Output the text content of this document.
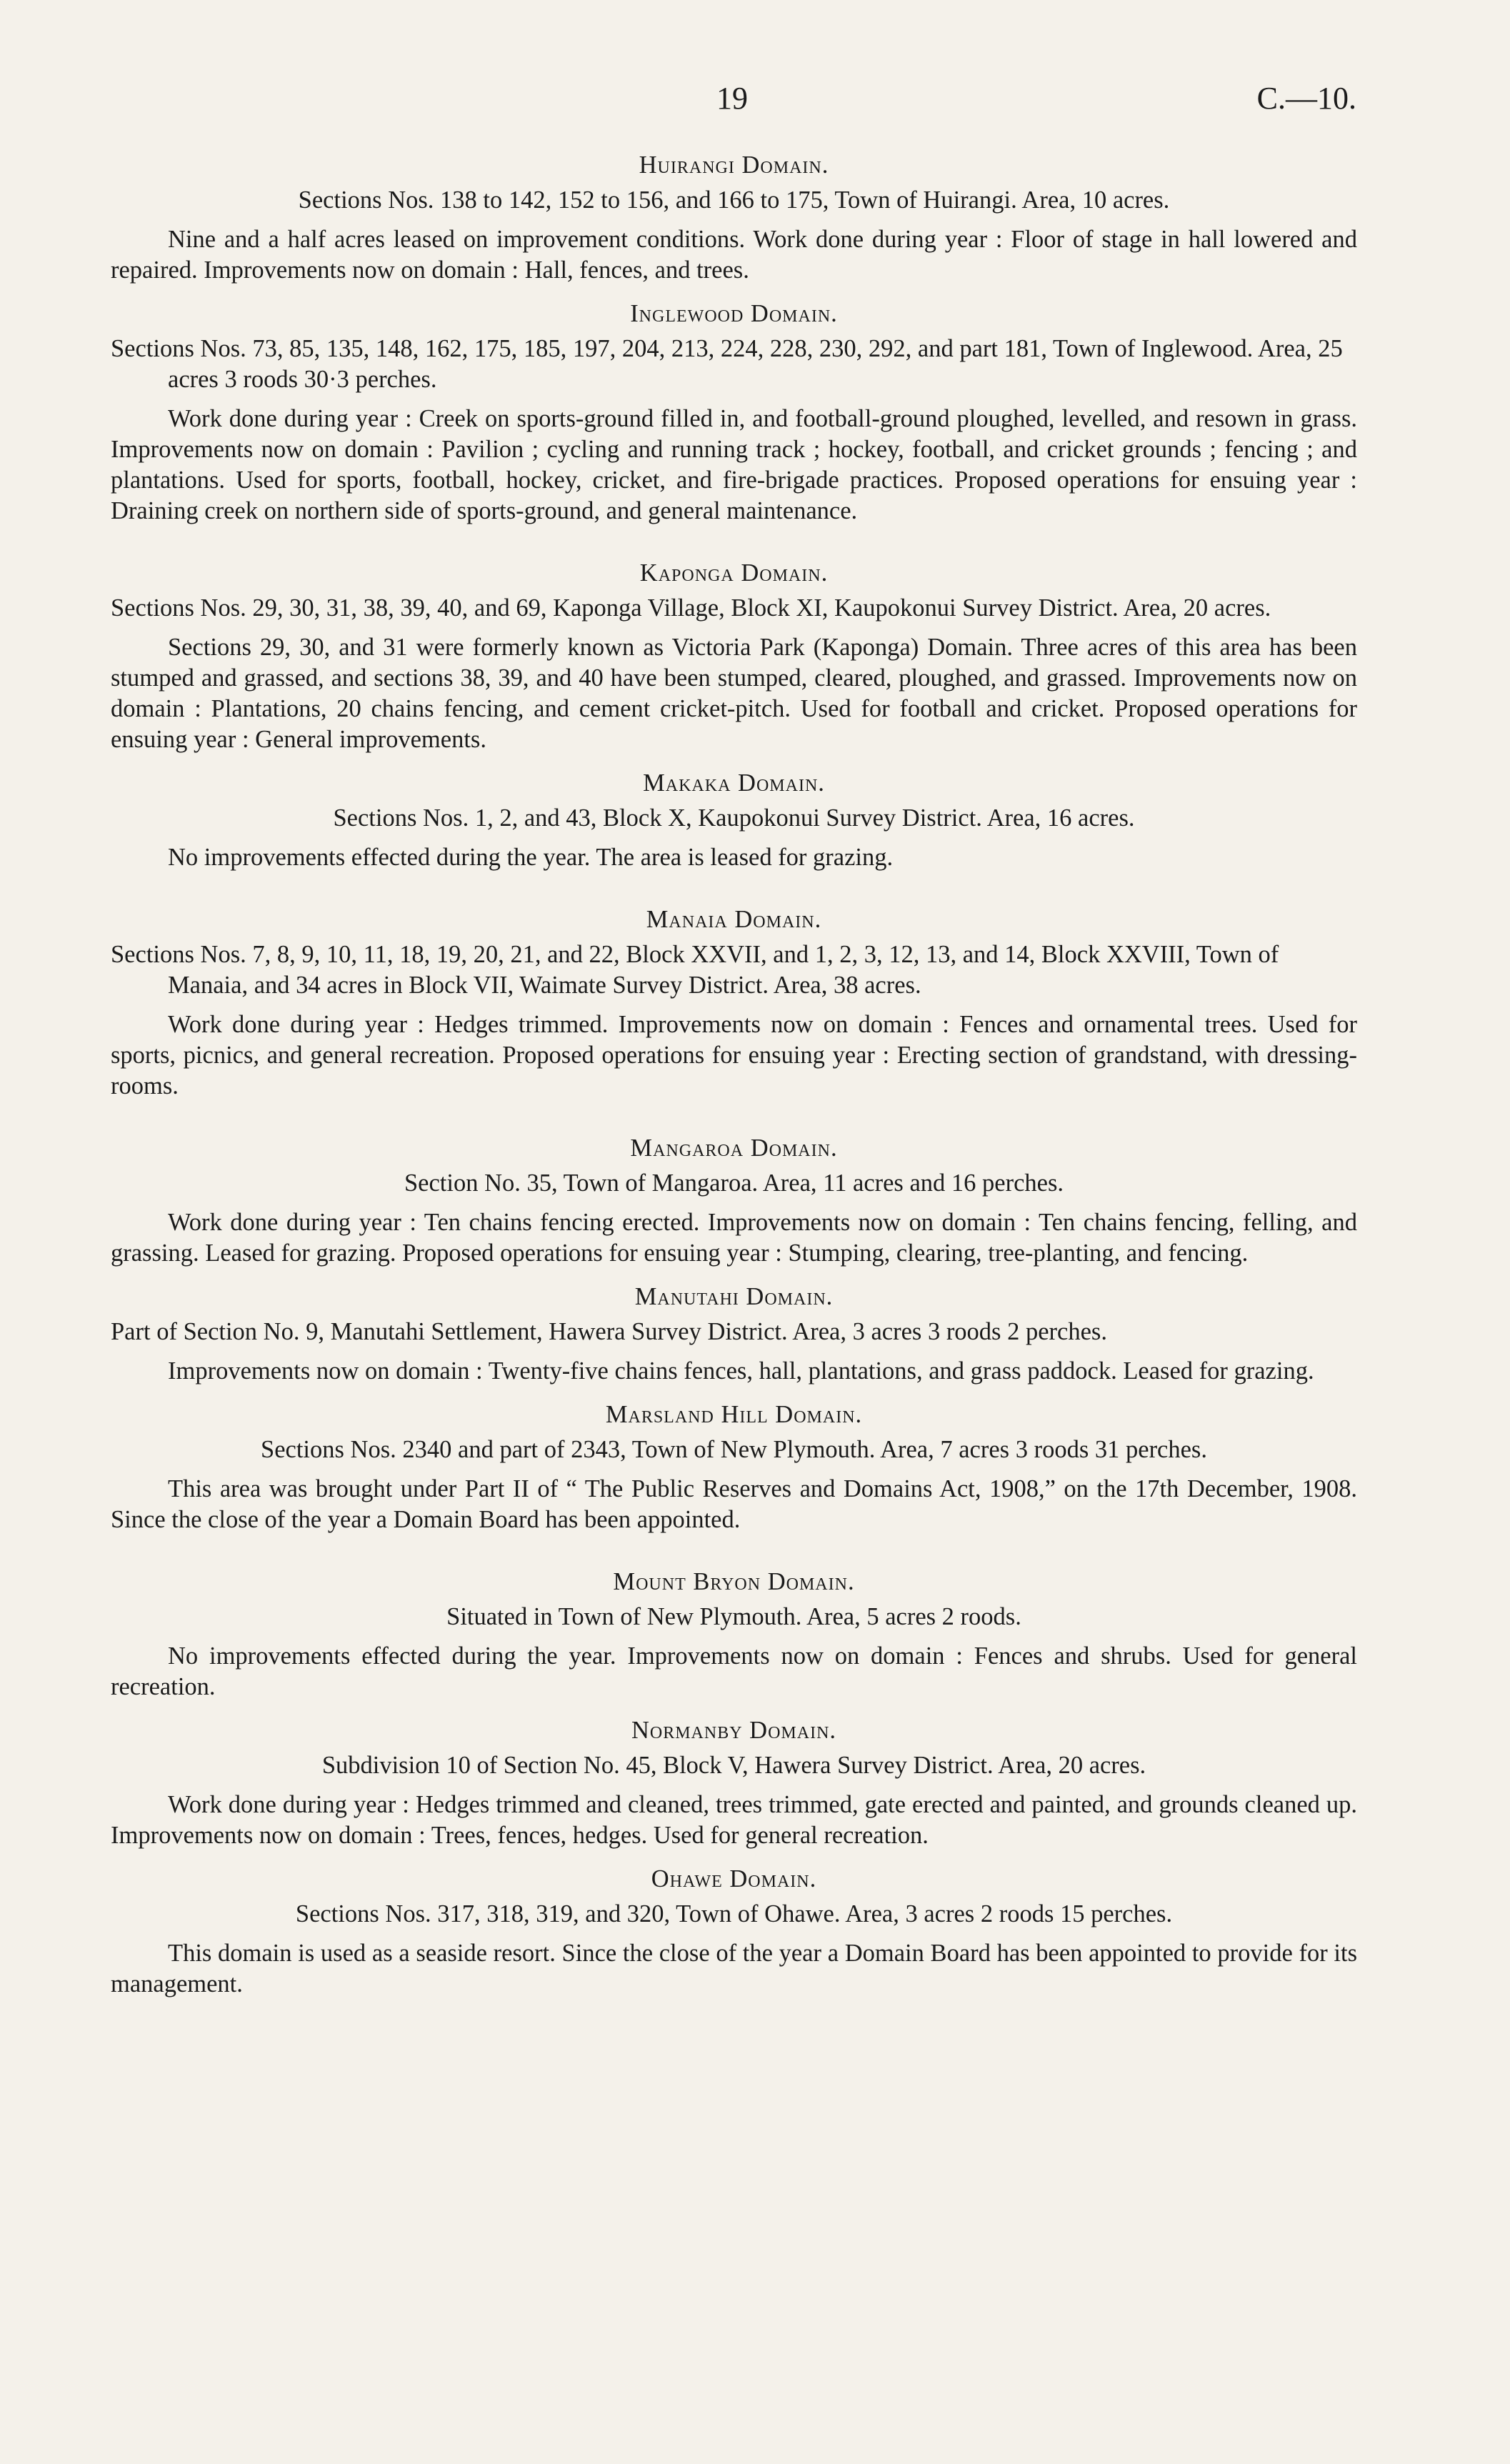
19	C.—10.
Huirangi Domain.

Sections Nos. 138 to 142, 152 to 156, and 166 to 175, Town of Huirangi. Area, 10 acres.

Nine and a half acres leased on improvement conditions. Work done during year : Floor of stage in hall lowered and repaired. Improvements now on domain : Hall, fences, and trees.

Inglewood Domain.

Sections Nos. 73, 85, 135, 148, 162, 175, 185, 197, 204, 213, 224, 228, 230, 292, and part 181, Town of Inglewood. Area, 25 acres 3 roods 30·3 perches.

Work done during year : Creek on sports-ground filled in, and football-ground ploughed, levelled, and resown in grass. Improvements now on domain : Pavilion ; cycling and running track ; hockey, football, and cricket grounds ; fencing ; and plantations. Used for sports, football, hockey, cricket, and fire-brigade practices. Proposed operations for ensuing year : Draining creek on northern side of sports-ground, and general maintenance.

Kaponga Domain.

Sections Nos. 29, 30, 31, 38, 39, 40, and 69, Kaponga Village, Block XI, Kaupokonui Survey District. Area, 20 acres.

Sections 29, 30, and 31 were formerly known as Victoria Park (Kaponga) Domain. Three acres of this area has been stumped and grassed, and sections 38, 39, and 40 have been stumped, cleared, ploughed, and grassed. Improvements now on domain : Plantations, 20 chains fencing, and cement cricket-pitch. Used for football and cricket. Proposed operations for ensuing year : General improvements.

Makaka Domain.

Sections Nos. 1, 2, and 43, Block X, Kaupokonui Survey District. Area, 16 acres.

No improvements effected during the year. The area is leased for grazing.

Manaia Domain.

Sections Nos. 7, 8, 9, 10, 11, 18, 19, 20, 21, and 22, Block XXVII, and 1, 2, 3, 12, 13, and 14, Block XXVIII, Town of Manaia, and 34 acres in Block VII, Waimate Survey District. Area, 38 acres.

Work done during year : Hedges trimmed. Improvements now on domain : Fences and ornamental trees. Used for sports, picnics, and general recreation. Proposed operations for ensuing year : Erecting section of grandstand, with dressing-rooms.

Mangaroa Domain.

Section No. 35, Town of Mangaroa. Area, 11 acres and 16 perches.

Work done during year : Ten chains fencing erected. Improvements now on domain : Ten chains fencing, felling, and grassing. Leased for grazing. Proposed operations for ensuing year : Stumping, clearing, tree-planting, and fencing.

Manutahi Domain.

Part of Section No. 9, Manutahi Settlement, Hawera Survey District. Area, 3 acres 3 roods 2 perches.

Improvements now on domain : Twenty-five chains fences, hall, plantations, and grass paddock. Leased for grazing.

Marsland Hill Domain.

Sections Nos. 2340 and part of 2343, Town of New Plymouth. Area, 7 acres 3 roods 31 perches.

This area was brought under Part II of “ The Public Reserves and Domains Act, 1908,” on the 17th December, 1908. Since the close of the year a Domain Board has been appointed.

Mount Bryon Domain.

Situated in Town of New Plymouth. Area, 5 acres 2 roods.

No improvements effected during the year. Improvements now on domain : Fences and shrubs. Used for general recreation.

Normanby Domain.

Subdivision 10 of Section No. 45, Block V, Hawera Survey District. Area, 20 acres.

Work done during year : Hedges trimmed and cleaned, trees trimmed, gate erected and painted, and grounds cleaned up. Improvements now on domain : Trees, fences, hedges. Used for general recreation.

Ohawe Domain.

Sections Nos. 317, 318, 319, and 320, Town of Ohawe. Area, 3 acres 2 roods 15 perches.

This domain is used as a seaside resort. Since the close of the year a Domain Board has been appointed to provide for its management.
